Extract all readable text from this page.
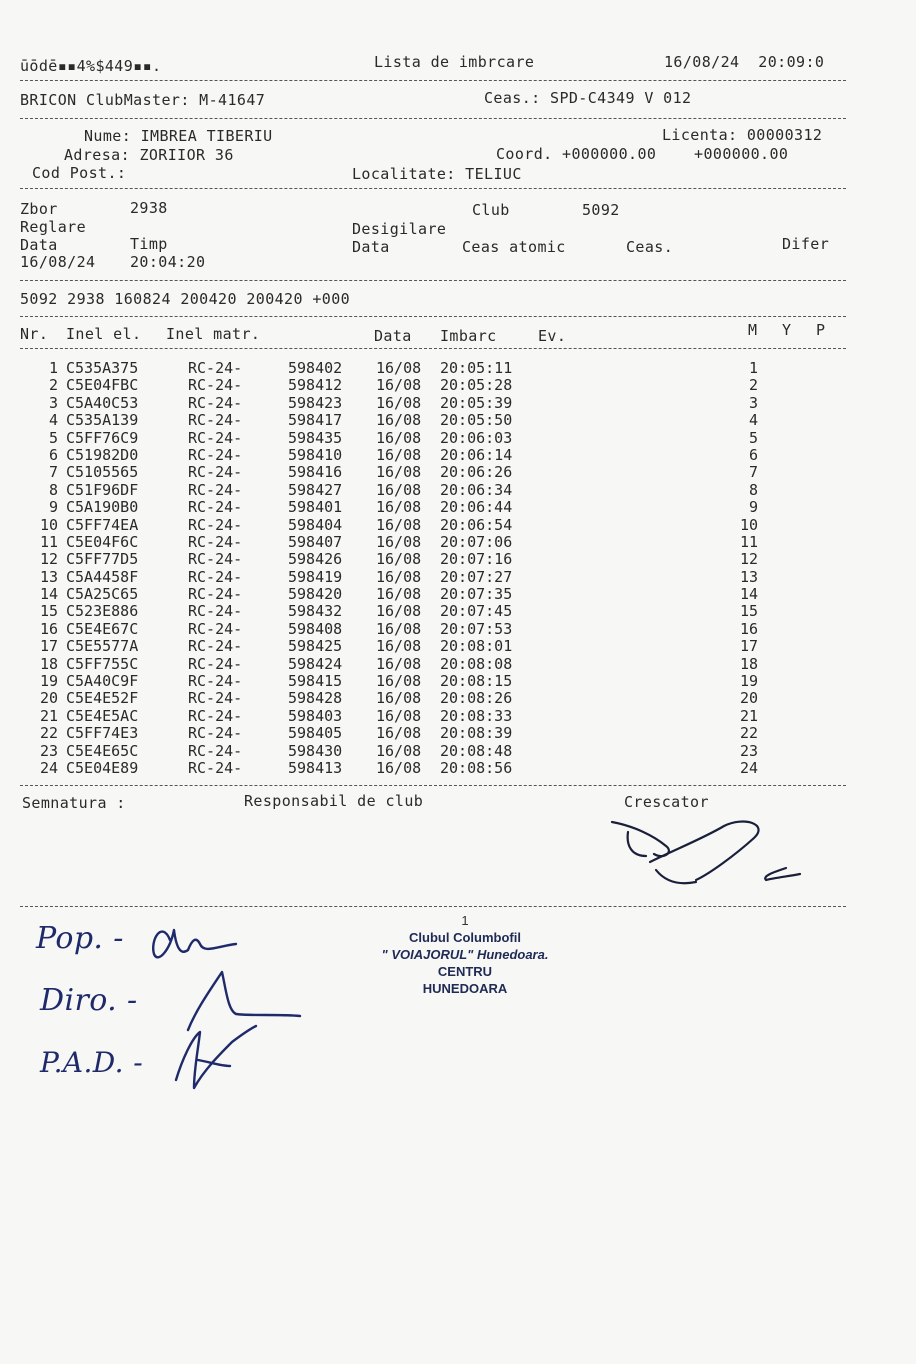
ūōdē▪▪4%$449▪▪.	Lista de imbrcare	16/08/24  20:09:0
BRICON ClubMaster: M-41647	Ceas.: SPD-C4349 V 012
Nume: IMBREA TIBERIU	Licenta: 00000312
Adresa: ZORIIOR 36	Coord. +000000.00    +000000.00
Cod Post.:	Localitate: TELIUC
Zbor	2938	Club	5092
Reglare	Desigilare
Data	Timp	Data	Ceas atomic	Ceas.	Difer
16/08/24 20:04:20
5092 2938 160824 200420 200420 +000
Nr. Inel el. Inel matr.	Data Imbarc	Ev.	M Y P
1 C535A375	RC-24-	598402 16/08 20:05:11	1
2 C5E04FBC	RC-24-	598412 16/08 20:05:28	2
3 C5A40C53	RC-24-	598423 16/08 20:05:39	3
4 C535A139	RC-24-	598417 16/08 20:05:50	4
5 C5FF76C9	RC-24-	598435 16/08 20:06:03	5
6 C51982D0	RC-24-	598410 16/08 20:06:14	6
7 C5105565	RC-24-	598416 16/08 20:06:26	7
8 C51F96DF	RC-24-	598427 16/08 20:06:34	8
9 C5A190B0	RC-24-	598401 16/08 20:06:44	9
10 C5FF74EA	RC-24-	598404 16/08 20:06:54	10
11 C5E04F6C	RC-24-	598407 16/08 20:07:06	11
12 C5FF77D5	RC-24-	598426 16/08 20:07:16	12
13 C5A4458F	RC-24-	598419 16/08 20:07:27	13
14 C5A25C65	RC-24-	598420 16/08 20:07:35	14
15 C523E886	RC-24-	598432 16/08 20:07:45	15
16 C5E4E67C	RC-24-	598408 16/08 20:07:53	16
17 C5E5577A	RC-24-	598425 16/08 20:08:01	17
18 C5FF755C	RC-24-	598424 16/08 20:08:08	18
19 C5A40C9F	RC-24-	598415 16/08 20:08:15	19
20 C5E4E52F	RC-24-	598428 16/08 20:08:26	20
21 C5E4E5AC	RC-24-	598403 16/08 20:08:33	21
22 C5FF74E3	RC-24-	598405 16/08 20:08:39	22
23 C5E4E65C	RC-24-	598430 16/08 20:08:48	23
24 C5E04E89	RC-24-	598413 16/08 20:08:56	24
Semnatura :	Responsabil de club	Crescator
Pop. -
Diro. -
P.A.D. -
1
Clubul Columbofil
" VOIAJORUL" Hunedoara.
CENTRU
HUNEDOARA
